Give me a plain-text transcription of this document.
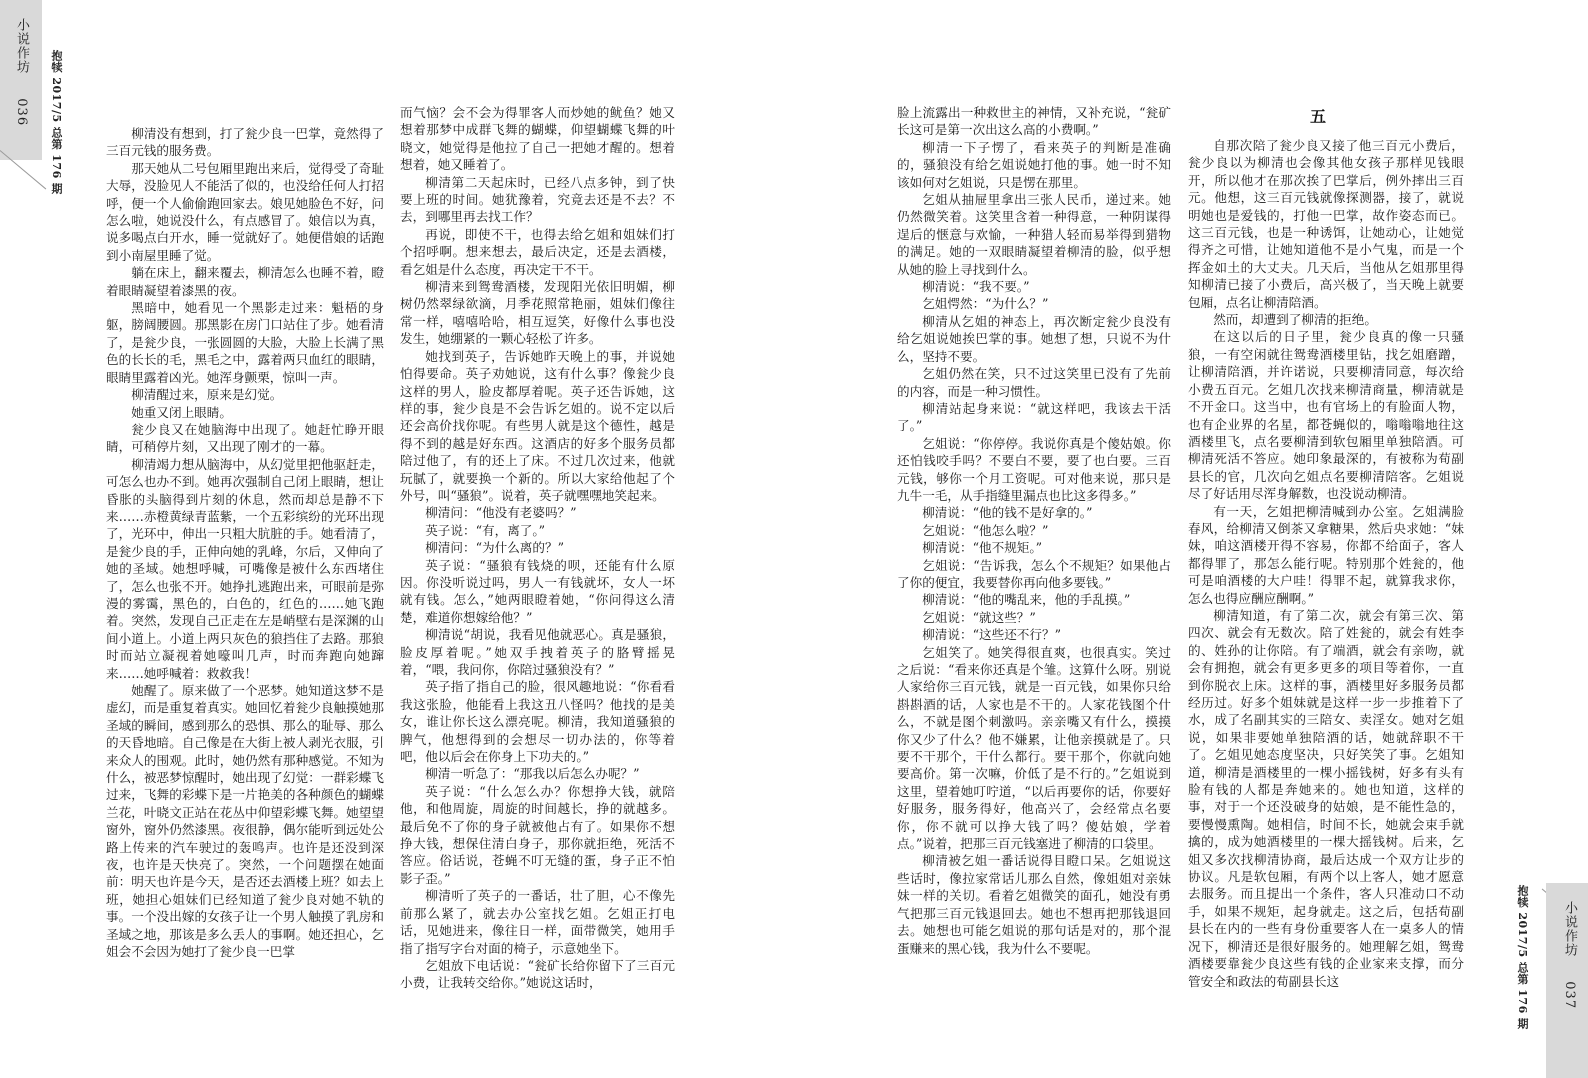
小说作坊 　 036 抱犊 2017/5 总第 176 期	柳清没有想到，打了瓮少良一巴掌，竟然得了三百元钱的服务费。

那天她从二号包厢里跑出来后，觉得受了奇耻大辱，没脸见人不能活了似的，也没给任何人打招呼，便一个人偷偷跑回家去。娘见她脸色不好，问怎么啦，她说没什么，有点感冒了。娘信以为真，说多喝点白开水，睡一觉就好了。她便借娘的话跑到小南屋里睡了觉。

躺在床上，翻来覆去，柳清怎么也睡不着，瞪着眼睛凝望着漆黑的夜。

黑暗中，她看见一个黑影走过来：魁梧的身躯，膀阔腰圆。那黑影在房门口站住了步。她看清了，是瓮少良，一张圆圆的大脸，大脸上长满了黑色的长长的毛，黑毛之中，露着两只血红的眼睛，眼睛里露着凶光。她浑身颤栗，惊叫一声。

柳清醒过来，原来是幻觉。

她重又闭上眼睛。

瓮少良又在她脑海中出现了。她赶忙睁开眼睛，可稍停片刻，又出现了刚才的一幕。

柳清竭力想从脑海中，从幻觉里把他驱赶走，可怎么也办不到。她再次强制自己闭上眼睛，想让昏胀的头脑得到片刻的休息，然而却总是静不下来……赤橙黄绿青蓝紫，一个五彩缤纷的光环出现了，光环中，伸出一只粗大肮脏的手。她看清了，是瓮少良的手，正伸向她的乳峰，尔后，又伸向了她的圣域。她想呼喊，可嘴像是被什么东西堵住了，怎么也张不开。她挣扎逃跑出来，可眼前是弥漫的雾霭，黑色的，白色的，红色的……她飞跑着。突然，发现自己正走在左是峭壁右是深渊的山间小道上。小道上两只灰色的狼挡住了去路。那狼时而站立凝视着她嚎叫几声，时而奔跑向她蹿来……她呼喊着：救救我！

她醒了。原来做了一个恶梦。她知道这梦不是虚幻，而是重复着真实。她回忆着瓮少良触摸她那圣域的瞬间，感到那么的恐惧、那么的耻辱、那么的天昏地暗。自己像是在大街上被人剥光衣服，引来众人的围观。此时，她仍然有那种感觉。不知为什么，被恶梦惊醒时，她出现了幻觉：一群彩蝶飞过来，飞舞的彩蝶下是一片艳美的各种颜色的蝴蝶兰花，叶晓文正站在花丛中仰望彩蝶飞舞。她望望窗外，窗外仍然漆黑。夜很静，偶尔能听到远处公路上传来的汽车驶过的轰鸣声。也许是还没到深夜，也许是天快亮了。突然，一个问题摆在她面前：明天也许是今天，是否还去酒楼上班？如去上班，她担心姐妹们已经知道了瓮少良对她不轨的事。一个没出嫁的女孩子让一个男人触摸了乳房和圣域之地，那该是多么丢人的事啊。她还担心，乞姐会不会因为她打了瓮少良一巴掌

而气恼？会不会为得罪客人而炒她的鱿鱼？她又想着那梦中成群飞舞的蝴蝶，仰望蝴蝶飞舞的叶晓文，她觉得是他拉了自己一把她才醒的。想着想着，她又睡着了。

柳清第二天起床时，已经八点多钟，到了快要上班的时间。她犹豫着，究竟去还是不去？不去，到哪里再去找工作？

再说，即使不干，也得去给乞姐和姐妹们打个招呼啊。想来想去，最后决定，还是去酒楼，看乞姐是什么态度，再决定干不干。

柳清来到鸳鸯酒楼，发现阳光依旧明媚，柳树仍然翠绿欲滴，月季花照常艳丽，姐妹们像往常一样，嘻嘻哈哈，相互逗笑，好像什么事也没发生，她绷紧的一颗心轻松了许多。

她找到英子，告诉她昨天晚上的事，并说她怕得要命。英子劝她说，这有什么事？像瓮少良这样的男人，脸皮都厚着呢。英子还告诉她，这样的事，瓮少良是不会告诉乞姐的。说不定以后还会高价找你呢。有些男人就是这个德性，越是得不到的越是好东西。这酒店的好多个服务员都陪过他了，有的还上了床。不过几次过来，他就玩腻了，就要换一个新的。所以大家给他起了个外号，叫“骚狼”。说着，英子就嘿嘿地笑起来。

柳清问：“他没有老婆吗？”

英子说：“有，离了。”

柳清问：“为什么离的？”

英子说：“骚狼有钱烧的呗，还能有什么原因。你没听说过吗，男人一有钱就坏，女人一坏就有钱。怎么，”她两眼瞪着她，“你问得这么清楚，难道你想嫁给他？”

柳清说“胡说，我看见他就恶心。真是骚狼，脸皮厚着呢。”她双手拽着英子的胳臂摇晃着，“喂，我问你，你陪过骚狼没有？”

英子指了指自己的脸，很风趣地说：“你看看我这张脸，他能看上我这丑八怪吗？他找的是美女，谁让你长这么漂亮呢。柳清，我知道骚狼的脾气，他想得到的会想尽一切办法的，你等着吧，他以后会在你身上下功夫的。”

柳清一听急了：“那我以后怎么办呢？”

英子说：“什么怎么办？你想挣大钱，就陪他，和他周旋，周旋的时间越长，挣的就越多。最后免不了你的身子就被他占有了。如果你不想挣大钱，想保住清白身子，那你就拒绝，死活不答应。俗话说，苍蝇不叮无缝的蛋，身子正不怕影子歪。”

柳清听了英子的一番话，壮了胆，心不像先前那么紧了，就去办公室找乞姐。乞姐正打电话，见她进来，像往日一样，面带微笑，她用手指了指写字台对面的椅子，示意她坐下。

乞姐放下电话说：“瓮矿长给你留下了三百元小费，让我转交给你。”她说这话时，

脸上流露出一种救世主的神情，又补充说，“瓮矿长这可是第一次出这么高的小费啊。”

柳清一下子愣了，看来英子的判断是准确的，骚狼没有给乞姐说她打他的事。她一时不知该如何对乞姐说，只是愣在那里。

乞姐从抽屉里拿出三张人民币，递过来。她仍然微笑着。这笑里含着一种得意，一种阴谋得逞后的惬意与欢愉，一种猎人轻而易举得到猎物的满足。她的一双眼睛凝望着柳清的脸，似乎想从她的脸上寻找到什么。

柳清说：“我不要。”

乞姐愕然：“为什么？”

柳清从乞姐的神态上，再次断定瓮少良没有给乞姐说她挨巴掌的事。她想了想，只说不为什么，坚持不要。

乞姐仍然在笑，只不过这笑里已没有了先前的内容，而是一种习惯性。

柳清站起身来说：“就这样吧，我该去干活了。”

乞姐说：“你停停。我说你真是个傻姑娘。你还怕钱咬手吗？不要白不要，要了也白要。三百元钱，够你一个月工资呢。可对他来说，那只是九牛一毛，从手指缝里漏点也比这多得多。”

柳清说：“他的钱不是好拿的。”

乞姐说：“他怎么啦？”

柳清说：“他不规矩。”

乞姐说：“告诉我，怎么个不规矩？如果他占了你的便宜，我要替你再向他多要钱。”

柳清说：“他的嘴乱来，他的手乱摸。”

乞姐说：“就这些？”

柳清说：“这些还不行？”

乞姐笑了。她笑得很直爽，也很真实。笑过之后说：“看来你还真是个雏。这算什么呀。别说人家给你三百元钱，就是一百元钱，如果你只给斟斟酒的话，人家也是不干的。人家花钱图个什么，不就是图个刺激吗。亲亲嘴又有什么，摸摸你又少了什么？他不嫌累，让他亲摸就是了。只要不干那个，干什么都行。要干那个，你就向她要高价。第一次嘛，价低了是不行的。”乞姐说到这里，望着她叮咛道，“以后再要你的话，你要好好服务，服务得好，他高兴了，会经常点名要你，你不就可以挣大钱了吗？傻姑娘，学着点。”说着，把那三百元钱塞进了柳清的口袋里。

柳清被乞姐一番话说得目瞪口呆。乞姐说这些话时，像拉家常话儿那么自然，像姐姐对亲妹妹一样的关切。看着乞姐微笑的面孔，她没有勇气把那三百元钱退回去。她也不想再把那钱退回去。她想也可能乞姐说的那句话是对的，那个混蛋赚来的黑心钱，我为什么不要呢。

五

自那次陪了瓮少良又接了他三百元小费后，瓮少良以为柳清也会像其他女孩子那样见钱眼开，所以他才在那次挨了巴掌后，例外摔出三百元。他想，这三百元钱就像探测器，接了，就说明她也是爱钱的，打他一巴掌，故作姿态而已。这三百元钱，也是一种诱饵，让她动心，让她觉得齐之可惜，让她知道他不是小气鬼，而是一个挥金如土的大丈夫。几天后，当他从乞姐那里得知柳清已接了小费后，高兴极了，当天晚上就要包厢，点名让柳清陪酒。

然而，却遭到了柳清的拒绝。

在这以后的日子里，瓮少良真的像一只骚狼，一有空闲就往鸳鸯酒楼里钻，找乞姐磨蹭，让柳清陪酒，并许诺说，只要柳清同意，每次给小费五百元。乞姐几次找来柳清商量，柳清就是不开金口。这当中，也有官场上的有脸面人物，也有企业界的名星，都苍蝇似的，嗡嗡嗡地往这酒楼里飞，点名要柳清到软包厢里单独陪酒。可柳清死活不答应。她印象最深的，有被称为荀副县长的官，几次向乞姐点名要柳清陪客。乞姐说尽了好话用尽浑身解数，也没说动柳清。

有一天，乞姐把柳清喊到办公室。乞姐满脸春风，给柳清又倒茶又拿糖果，然后央求她：“妹妹，咱这酒楼开得不容易，你都不给面子，客人都得罪了，那怎么能行呢。特别那个姓瓮的，他可是咱酒楼的大户哇！得罪不起，就算我求你，怎么也得应酬应酬啊。”

柳清知道，有了第二次，就会有第三次、第四次、就会有无数次。陪了姓瓮的，就会有姓李的、姓孙的让你陪。有了端酒，就会有亲吻，就会有拥抱，就会有更多更多的项目等着你，一直到你脱衣上床。这样的事，酒楼里好多服务员都经历过。好多个姐妹就是这样一步一步推着下了水，成了名副其实的三陪女、卖淫女。她对乞姐说，如果非要她单独陪酒的话，她就辞职不干了。乞姐见她态度坚决，只好笑笑了事。乞姐知道，柳清是酒楼里的一棵小摇钱树，好多有头有脸有钱的人都是奔她来的。她也知道，这样的事，对于一个还没破身的姑娘，是不能性急的，要慢慢熏陶。她相信，时间不长，她就会束手就擒的，成为她酒楼里的一棵大摇钱树。后来，乞姐又多次找柳清协商，最后达成一个双方让步的协议。凡是软包厢，有两个以上客人，她才愿意去服务。而且提出一个条件，客人只准动口不动手，如果不规矩，起身就走。这之后，包括荀副县长在内的一些有身份重要客人在一桌多人的情况下，柳清还是很好服务的。她理解乞姐，鸳鸯酒楼要靠瓮少良这些有钱的企业家来支撑，而分管安全和政法的荀副县长这	抱犊 2017/5 总第 176 期	小说作坊 　 037
